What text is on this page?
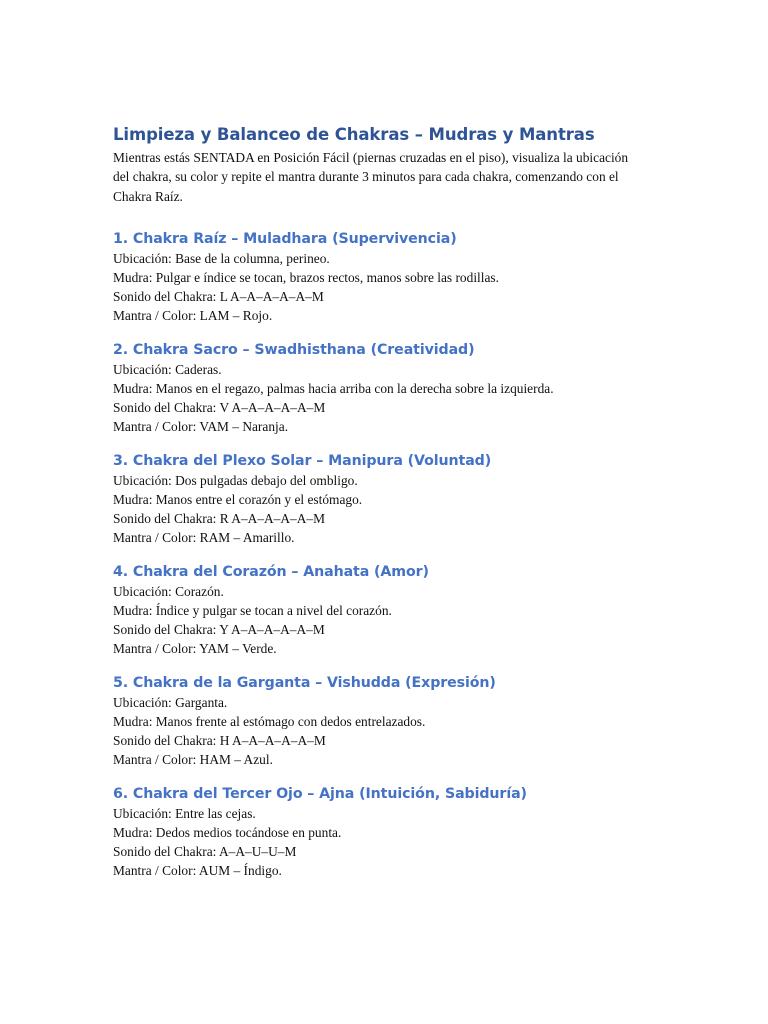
Limpieza y Balanceo de Chakras – Mudras y Mantras

Mientras estás SENTADA en Posición Fácil (piernas cruzadas en el piso), visualiza la ubicación del chakra, su color y repite el mantra durante 3 minutos para cada chakra, comenzando con el Chakra Raíz.

1. Chakra Raíz – Muladhara (Supervivencia)

Ubicación: Base de la columna, perineo.

Mudra: Pulgar e índice se tocan, brazos rectos, manos sobre las rodillas.

Sonido del Chakra: L A–A–A–A–A–M

Mantra / Color: LAM – Rojo.

2. Chakra Sacro – Swadhisthana (Creatividad)

Ubicación: Caderas.

Mudra: Manos en el regazo, palmas hacia arriba con la derecha sobre la izquierda.

Sonido del Chakra: V A–A–A–A–A–M

Mantra / Color: VAM – Naranja.

3. Chakra del Plexo Solar – Manipura (Voluntad)

Ubicación: Dos pulgadas debajo del ombligo.

Mudra: Manos entre el corazón y el estómago.

Sonido del Chakra: R A–A–A–A–A–M

Mantra / Color: RAM – Amarillo.

4. Chakra del Corazón – Anahata (Amor)

Ubicación: Corazón.

Mudra: Índice y pulgar se tocan a nivel del corazón.

Sonido del Chakra: Y A–A–A–A–A–M

Mantra / Color: YAM – Verde.

5. Chakra de la Garganta – Vishudda (Expresión)

Ubicación: Garganta.

Mudra: Manos frente al estómago con dedos entrelazados.

Sonido del Chakra: H A–A–A–A–A–M

Mantra / Color: HAM – Azul.

6. Chakra del Tercer Ojo – Ajna (Intuición, Sabiduría)

Ubicación: Entre las cejas.

Mudra: Dedos medios tocándose en punta.

Sonido del Chakra: A–A–U–U–M

Mantra / Color: AUM – Índigo.
